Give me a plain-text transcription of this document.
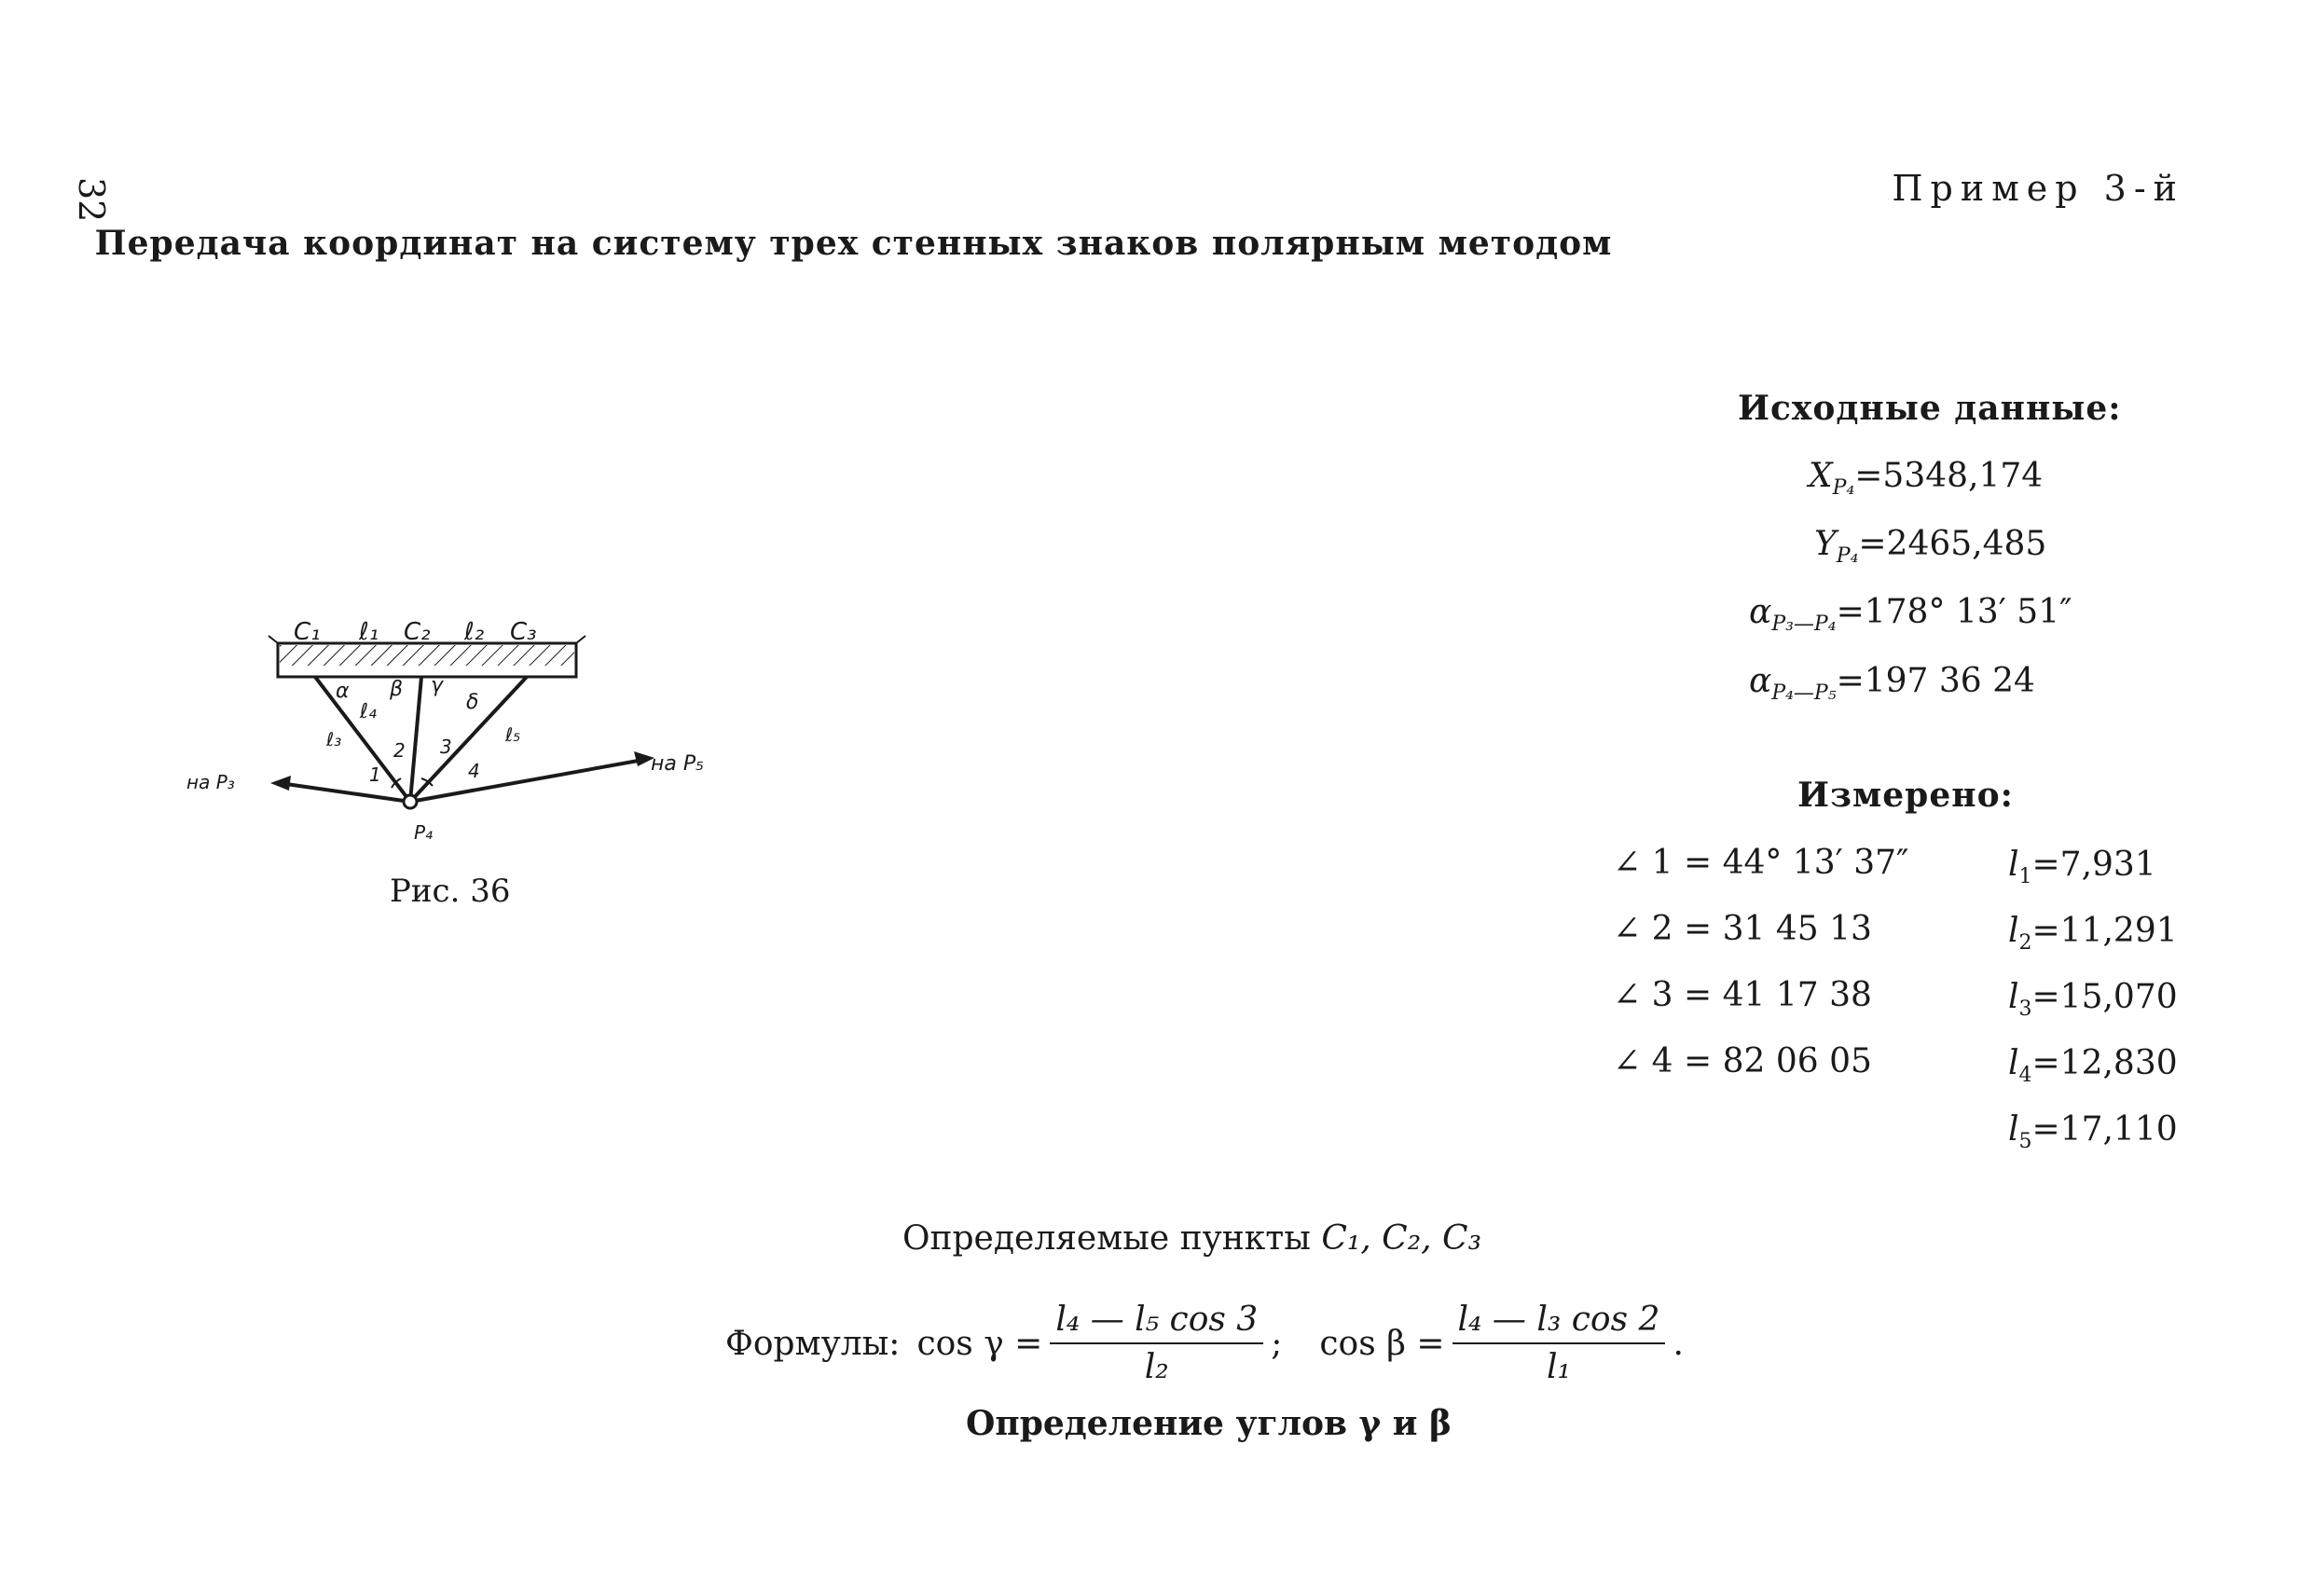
32	Пример 3-й
Передача координат на систему трех стенных знаков полярным методом
Исходные данные:
$X_{P_4}=5348,174$
$Y_{P_4}=2465,485$
$\alpha_{P_3—P_4}=178^\circ$ 13′ 51″
$\alpha_{P_4—P_5}=197$ 36 24
Измерено:
∠ 1 = 44° 13′ 37″
∠ 2 = 31 45 13
∠ 3 = 41 17 38
∠ 4 = 82 06 05
$l_1=7,931$
$l_2=11,291$
$l_3=15,070$
$l_4=12,830$
$l_5=17,110$
C₁ ℓ₁ C₂ ℓ₂ C₃
α β γ
δ
ℓ₄
ℓ₃	ℓ₅
1
2 3
4
на P₃
на P₅
P₄
Рис. 36
Определяемые пункты C₁, C₂, C₃
Формулы: $\cos \gamma = \frac{\text{l₄ — l₅ cos 3}}{\text{l₂}}$ ; $\cos \beta = \frac{\text{l₄ — l₃ cos 2}}{\text{l₁}}$ .
Определение углов γ и β
